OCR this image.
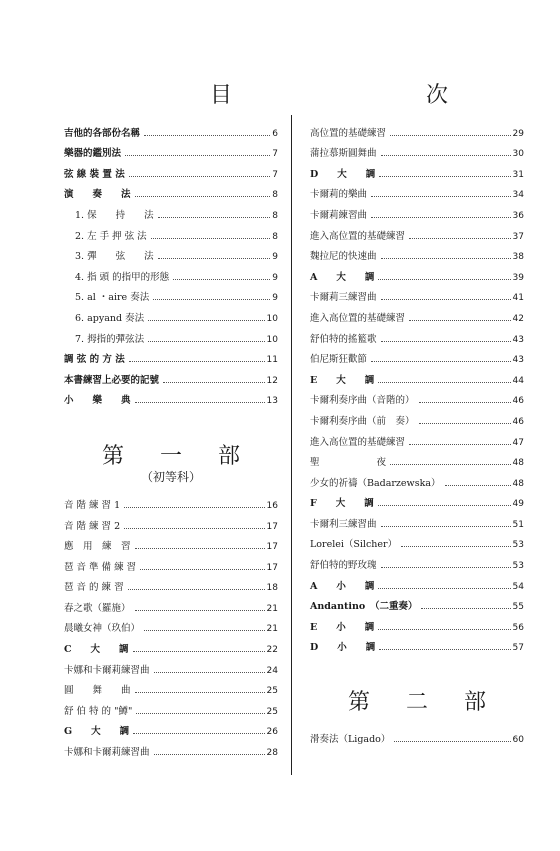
目	次
吉他的各部份名稱	6
樂器的鑑別法	7
弦 線 裝 置 法	7
演　　奏　　法	8
1. 保　　持　　法	8
2. 左 手 押 弦 法	8
3. 彈　　弦　　法	9
4. 指 頭 的指甲的形態	9
5. al ・aire 奏法	9
6. apyand 奏法	10
7. 拇指的彈弦法	10
調 弦 的 方 法	11
本書練習上必要的記號	12
小　　樂　　典	13
第 一 部
（初等科）
音 階 練 習 1	16
音 階 練 習 2	17
應　用　練　習	17
琶 音 準 備 練 習	17
琶 音 的 練 習	18
春之歌（羅施）	21
晨曦女神（玖伯）	21
C　　大　　調	22
卡娜和卡爾莉練習曲	24
圓　　舞　　曲	25
舒 伯 特 的 "鱒"	25
G　　大　　調	26
卡娜和卡爾莉練習曲	28
高位置的基礎練習	29
蒲拉慕斯圓舞曲	30
D　　大　　調	31
卡爾莉的樂曲	34
卡爾莉練習曲	36
進入高位置的基礎練習	37
魏拉尼的快速曲	38
A　　大　　調	39
卡爾莉三練習曲	41
進入高位置的基礎練習	42
舒伯特的搖籃歌	43
伯尼斯狂歡節	43
E　　大　　調	44
卡爾利奏序曲（音階的）	46
卡爾利奏序曲（前　奏）	46
進入高位置的基礎練習	47
聖　　　　　　夜	48
少女的祈禱（Badarzewska）	48
F　　大　　調	49
卡爾利三練習曲	51
Lorelei（Silcher）	53
舒伯特的野玫瑰	53
A　　小　　調	54
Andantino　（二重奏）	55
E　　小　　調	56
D　　小　　調	57
第 二 部
滑奏法（Ligado）	60
